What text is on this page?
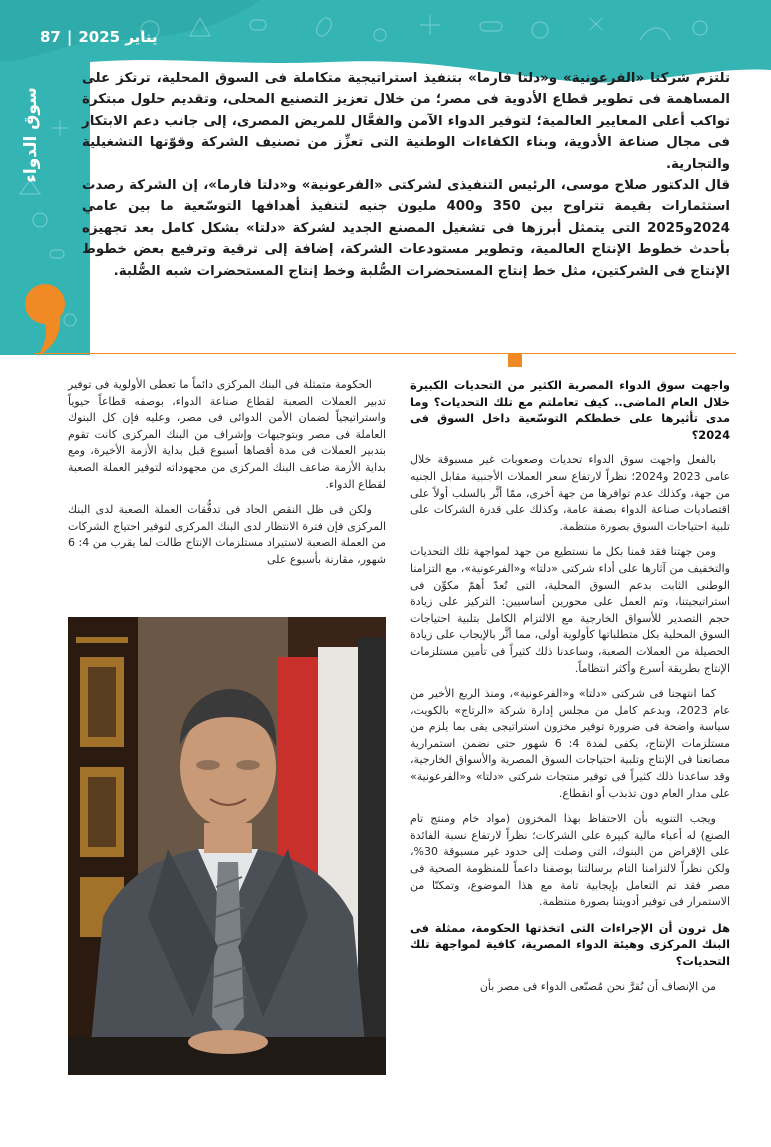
87 | يناير 2025
سوق الدواء

تلتزم شركتا «الفرعونية» و«دلتا فارما» بتنفيذ استراتيجية متكاملة فى السوق المحلية، ترتكز على المساهمة فى تطوير قطاع الأدوية فى مصر؛ من خلال تعزيز التصنيع المحلى، وتقديم حلول مبتكرة تواكب أعلى المعايير العالمية؛ لتوفير الدواء الآمن والفعَّال للمريض المصرى، إلى جانب دعم الابتكار فى مجال صناعة الأدوية، وبناء الكفاءات الوطنية التى تعزِّز من تصنيف الشركة وقوّتها التشغيلية والتجارية.

قال الدكتور صلاح موسى، الرئيس التنفيذى لشركتى «الفرعونية» و«دلتا فارما»، إن الشركة رصدت استثمارات بقيمة تتراوح بين 350 و400 مليون جنيه لتنفيذ أهدافها التوسّعية ما بين عامي 2024و2025 التى يتمثل أبرزها فى تشغيل المصنع الجديد لشركة «دلتا» بشكل كامل بعد تجهيزه بأحدث خطوط الإنتاج العالمية، وتطوير مستودعات الشركة، إضافة إلى ترقية وترفيع بعض خطوط الإنتاج فى الشركتين، مثل خط إنتاج المستحضرات الصُّلبة وخط إنتاج المستحضرات شبه الصُّلبة.

واجهت سوق الدواء المصرية الكثير من التحديات الكبيرة خلال العام الماضى.. كيف تعاملتم مع تلك التحديات؟ وما مدى تأثيرها على خططكم التوسّعية داخل السوق فى 2024؟

بالفعل واجهت سوق الدواء تحديات وصعوبات غير مسبوقة خلال عامى 2023 و2024؛ نظراً لارتفاع سعر العملات الأجنبية مقابل الجنيه من جهة، وكذلك عدم توافرها من جهة أخرى، ممّا أثَّر بالسلب أولاً على اقتصاديات صناعة الدواء بصفة عامة، وكذلك على قدرة الشركات على تلبية احتياجات السوق بصورة منتظمة.

ومن جهتنا فقد قمنا بكل ما نستطيع من جهد لمواجهة تلك التحديات والتخفيف من آثارها على أداء شركتى «دلتا» و«الفرعونية»، مع التزامنا الوطنى الثابت بدعم السوق المحلية، التى تُعدّ أهمّ مكوِّن فى استراتيجيتنا، وتم العمل على محورين أساسيين: التركيز على زيادة حجم التصدير للأسواق الخارجية مع الالتزام الكامل بتلبية احتياجات السوق المحلية بكل متطلباتها كأولوية أولى، مما أثَّر بالإيجاب على زيادة الحصيلة من العملات الصعبة، وساعدنا ذلك كثيراً فى تأمين مستلزمات الإنتاج بطريقة أسرع وأكثر انتظاماً.

كما انتهجنا فى شركتى «دلتا» و«الفرعونية»، ومنذ الربع الأخير من عام 2023، وبدعم كامل من مجلس إدارة شركة «الرتاج» بالكويت، سياسة واضحة فى ضرورة توفير مخزون استراتيجى يفى بما يلزم من مستلزمات الإنتاج، يكفى لمدة 4: 6 شهور حتى نضمن استمرارية مصانعنا فى الإنتاج وتلبية احتياجات السوق المصرية والأسواق الخارجية، وقد ساعدنا ذلك كثيراً فى توفير منتجات شركتى «دلتا» و«الفرعونية» على مدار العام دون تذبذب أو انقطاع.

ويجب التنويه بأن الاحتفاظ بهذا المخزون (مواد خام ومنتج تام الصنع) له أعباء مالية كبيرة على الشركات؛ نظراً لارتفاع نسبة الفائدة على الإقراض من البنوك، التى وصلت إلى حدود غير مسبوقة 30%، ولكن نظراً لالتزامنا التام برسالتنا بوصفنا داعماً للمنظومة الصحية فى مصر فقد تم التعامل بإيجابية تامة مع هذا الموضوع، وتمكنّا من الاستمرار فى توفير أدويتنا بصورة منتظمة.

هل ترون أن الإجراءات التى اتخذتها الحكومة، ممثلة فى البنك المركزى وهيئة الدواء المصرية، كافية لمواجهة تلك التحديات؟

من الإنصاف أن نُقرَّ نحن مُصنّعى الدواء فى مصر بأن

الحكومة متمثلة فى البنك المركزى دائماً ما تعطى الأولوية فى توفير تدبير العملات الصعبة لقطاع صناعة الدواء، بوصفه قطاعاً حيوياً واستراتيجياً لضمان الأمن الدوائى فى مصر، وعليه فإن كل البنوك العاملة فى مصر وبتوجيهات وإشراف من البنك المركزى كانت تقوم بتدبير العملات فى مدة أقصاها أسبوع قبل بداية الأزمة الأخيرة، ومع بداية الأزمة ضاعف البنك المركزى من مجهوداته لتوفير العملة الصعبة لقطاع الدواء.

ولكن فى ظل النقص الحاد فى تدفُّقات العملة الصعبة لدى البنك المركزى فإن فترة الانتظار لدى البنك المركزى لتوفير احتياج الشركات من العملة الصعبة لاستيراد مستلزمات الإنتاج طالت لما يقرب من 4: 6 شهور، مقارنة بأسبوع على
